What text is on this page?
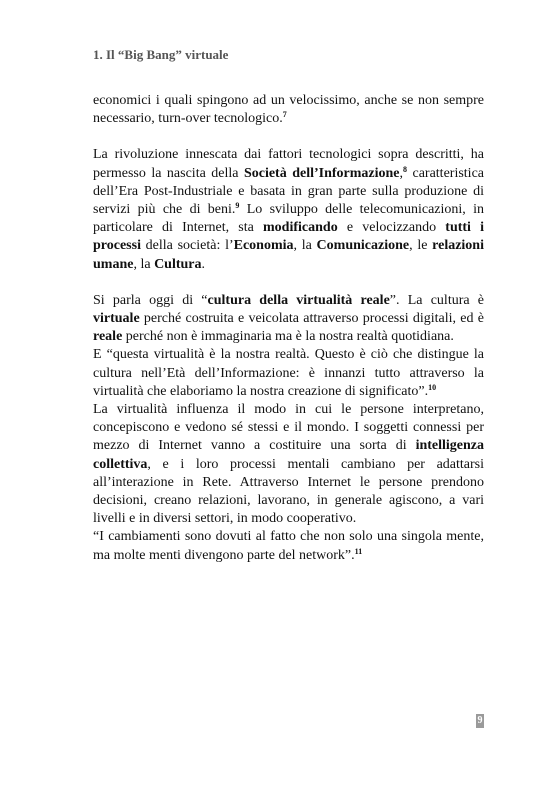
1. Il “Big Bang” virtuale

economici i quali spingono ad un velocissimo, anche se non sempre necessario, turn-over tecnologico.$^7$

La rivoluzione innescata dai fattori tecnologici sopra descritti, ha permesso la nascita della Società dell’Informazione,$^8$ caratteristica dell’Era Post-Industriale e basata in gran parte sulla produzione di servizi più che di beni.$^9$ Lo sviluppo delle telecomunicazioni, in particolare di Internet, sta modificando e velocizzando tutti i processi della società: l’Economia, la Comunicazione, le relazioni umane, la Cultura.

Si parla oggi di “cultura della virtualità reale”. La cultura è virtuale perché costruita e veicolata attraverso processi digitali, ed è reale perché non è immaginaria ma è la nostra realtà quotidiana.

E “questa virtualità è la nostra realtà. Questo è ciò che distingue la cultura nell’Età dell’Informazione: è innanzi tutto attraverso la virtualità che elaboriamo la nostra creazione di significato”.$^{10}$

La virtualità influenza il modo in cui le persone interpretano, concepiscono e vedono sé stessi e il mondo. I soggetti connessi per mezzo di Internet vanno a costituire una sorta di intelligenza collettiva, e i loro processi mentali cambiano per adattarsi all’interazione in Rete. Attraverso Internet le persone prendono decisioni, creano relazioni, lavorano, in generale agiscono, a vari livelli e in diversi settori, in modo cooperativo.

“I cambiamenti sono dovuti al fatto che non solo una singola mente, ma molte menti divengono parte del network”.$^{11}$

9
